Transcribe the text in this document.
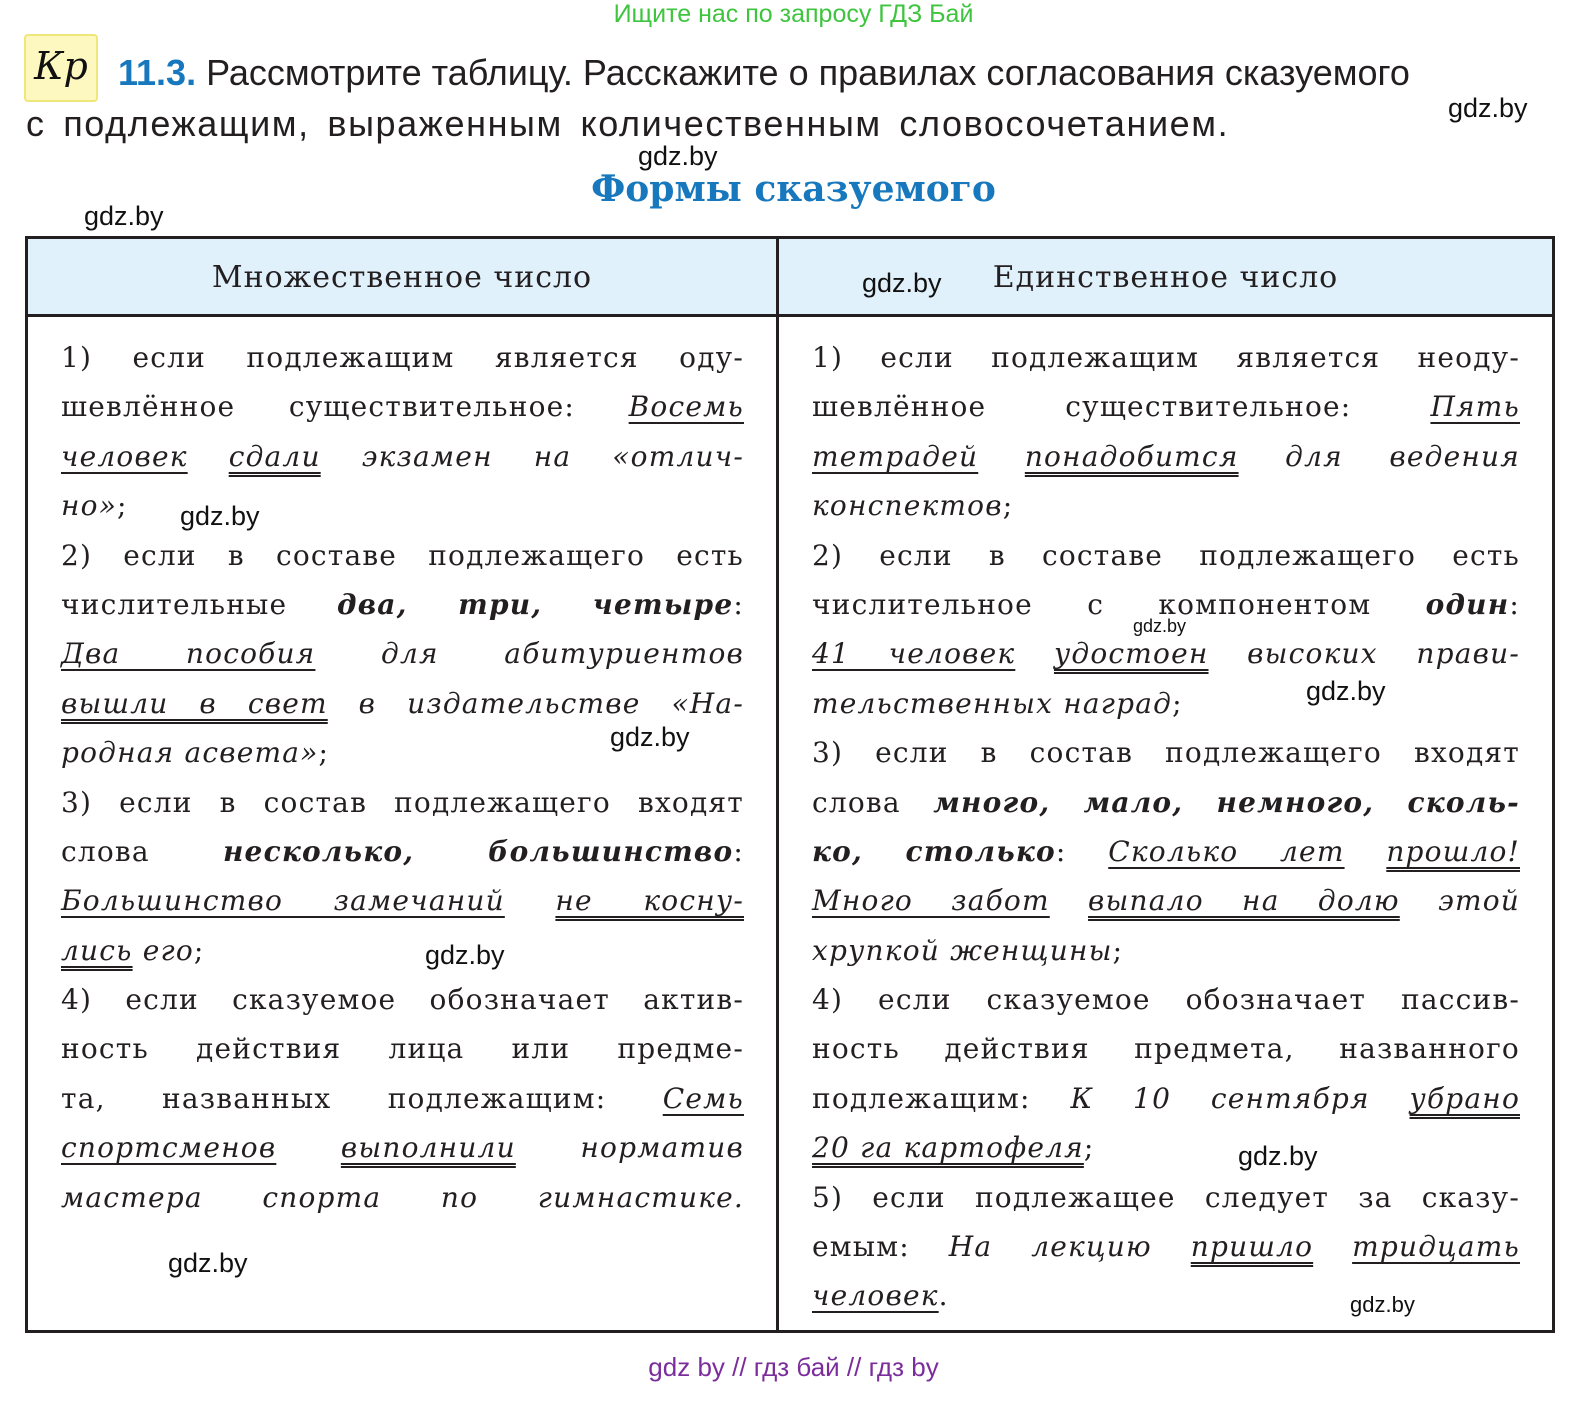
Ищите нас по запросу ГДЗ Бай
Кр 11.3. Рассмотрите таблицу. Расскажите о правилах согласования сказуемого
с подлежащим, выраженным количественным словосочетанием.
Формы сказуемого
Множественное число	Единственное число
1) если подлежащим является оду-
шевлённое существительное: Восемь
человек сдали экзамен на «отлич-
но»;
2) если в составе подлежащего есть
числительные два, три, четыре:
Два пособия для абитуриентов
вышли в свет в издательстве «На-
родная асвета»;
3) если в состав подлежащего входят
слова несколько, большинство:
Большинство замечаний не косну-
лись его;
4) если сказуемое обозначает актив-
ность действия лица или предме-
та, названных подлежащим: Семь
спортсменов выполнили норматив
мастера спорта по гимнастике.
1) если подлежащим является неоду-
шевлённое существительное: Пять
тетрадей понадобится для ведения
конспектов;
2) если в составе подлежащего есть
числительное с компонентом один:
41 человек удостоен высоких прави-
тельственных наград;
3) если в состав подлежащего входят
слова много, мало, немного, сколь-
ко, столько: Сколько лет прошло!
Много забот выпало на долю этой
хрупкой женщины;
4) если сказуемое обозначает пассив-
ность действия предмета, названного
подлежащим: К 10 сентября убрано
20 га картофеля;
5) если подлежащее следует за сказу-
емым: На лекцию пришло тридцать
человек.
gdz.by
gdz.by
gdz.by
gdz.by
gdz.by
gdz.by
gdz.by
gdz.by
gdz.by
gdz.by
gdz.by
gdz.by
gdz by // гдз бай // гдз by
